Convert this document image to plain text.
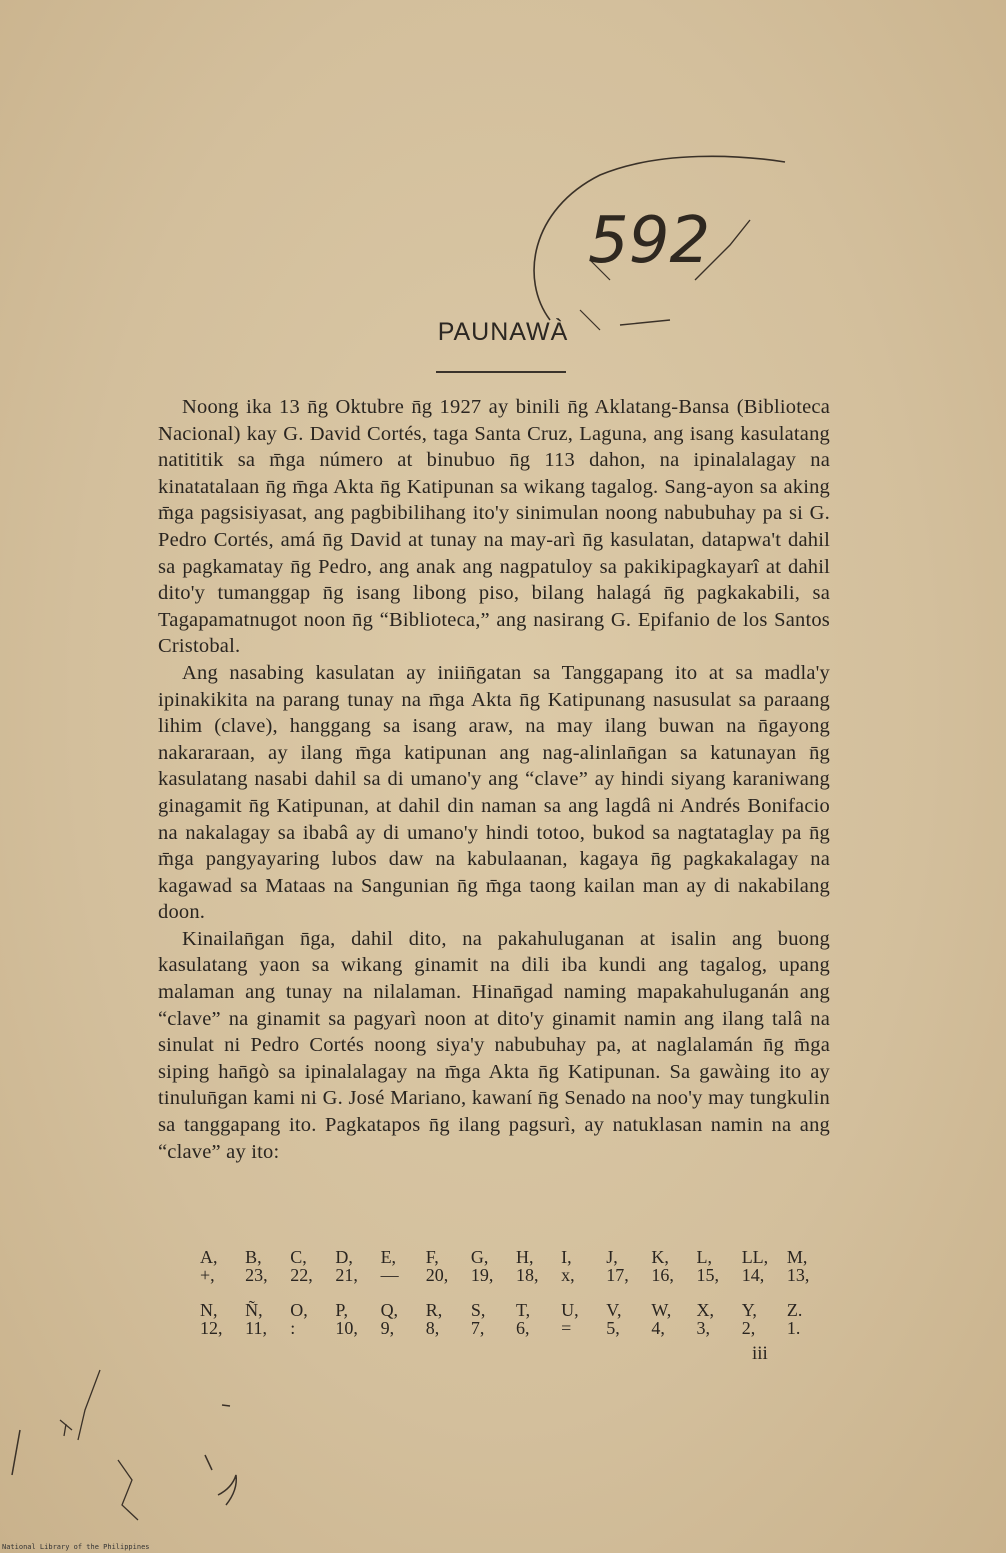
592
PAUNAWÀ

Noong ika 13 n̄g Oktubre n̄g 1927 ay binili n̄g Aklatang-Bansa (Biblioteca Nacional) kay G. David Cortés, taga Santa Cruz, Laguna, ang isang kasulatang natititik sa m̄ga número at binubuo n̄g 113 dahon, na ipinalalagay na kinatatalaan n̄g m̄ga Akta n̄g Katipunan sa wikang tagalog. Sang-ayon sa aking m̄ga pagsisiyasat, ang pagbibilihang ito'y sinimulan noong nabubuhay pa si G. Pedro Cortés, amá n̄g David at tunay na may-arì n̄g kasulatan, datapwa't dahil sa pagkamatay n̄g Pedro, ang anak ang nagpatuloy sa pakikipagkayarî at dahil dito'y tumanggap n̄g isang libong piso, bilang halagá n̄g pagkakabili, sa Tagapamatnugot noon n̄g “Biblioteca,” ang nasirang G. Epifanio de los Santos Cristobal.

Ang nasabing kasulatan ay iniin̄gatan sa Tanggapang ito at sa madla'y ipinakikita na parang tunay na m̄ga Akta n̄g Katipunang nasusulat sa paraang lihim (clave), hanggang sa isang araw, na may ilang buwan na n̄gayong nakararaan, ay ilang m̄ga katipunan ang nag-alinlan̄gan sa katunayan n̄g kasulatang nasabi dahil sa di umano'y ang “clave” ay hindi siyang karaniwang ginagamit n̄g Katipunan, at dahil din naman sa ang lagdâ ni Andrés Bonifacio na nakalagay sa ibabâ ay di umano'y hindi totoo, bukod sa nagtataglay pa n̄g m̄ga pangyayaring lubos daw na kabulaanan, kagaya n̄g pagkakalagay na kagawad sa Mataas na Sangunian n̄g m̄ga taong kailan man ay di nakabilang doon.

Kinailan̄gan n̄ga, dahil dito, na pakahuluganan at isalin ang buong kasulatang yaon sa wikang ginamit na dili iba kundi ang tagalog, upang malaman ang tunay na nilalaman. Hinan̄gad naming mapakahuluganán ang “clave” na ginamit sa pagyarì noon at dito'y ginamit namin ang ilang talâ na sinulat ni Pedro Cortés noong siya'y nabubuhay pa, at naglalamán n̄g m̄ga siping han̄gò sa ipinalalagay na m̄ga Akta n̄g Katipunan. Sa gawàing ito ay tinulun̄gan kami ni G. José Mariano, kawaní n̄g Senado na noo'y may tungkulin sa tanggapang ito. Pagkatapos n̄g ilang pagsurì, ay natuklasan namin na ang “clave” ay ito:

A,	B,	C,	D,	E,	F,	G,	H,	I,	J,	K,	L,	LL,	M,
+,	23,	22,	21,	—	20,	19,	18,	x,	17,	16,	15,	14,	13,
N,	Ñ,	O,	P,	Q,	R,	S,	T,	U,	V,	W,	X,	Y,	Z.
12,	11,	:	10,	9,	8,	7,	6,	=	5,	4,	3,	2,	1.
iii
National Library of the Philippines
